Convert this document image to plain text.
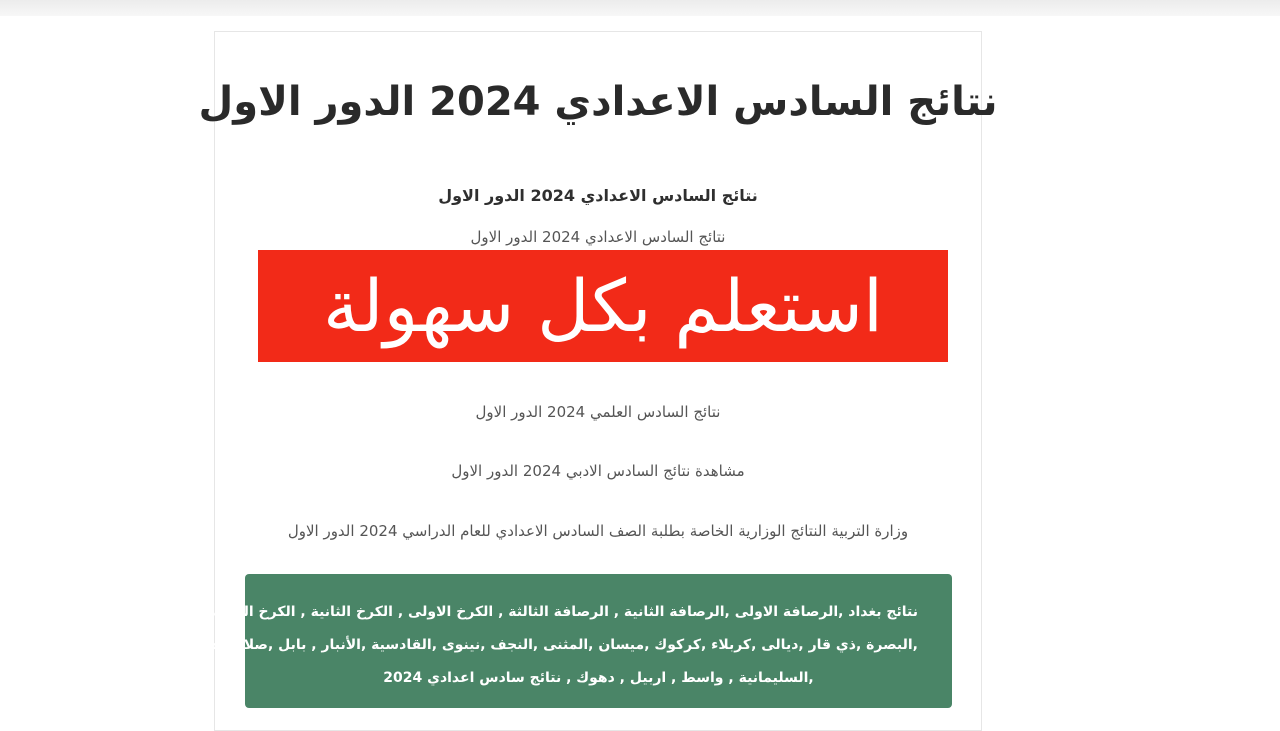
نتائج السادس الاعدادي 2024 الدور الاول

نتائج السادس الاعدادي 2024 الدور الاول

نتائج السادس الاعدادي 2024 الدور الاول

استعلم بكل سهولة

نتائج السادس العلمي 2024 الدور الاول

مشاهدة نتائج السادس الادبي 2024 الدور الاول

وزارة التربية النتائج الوزارية الخاصة بطلبة الصف السادس الاعدادي للعام الدراسي 2024 الدور الاول

نتائج بغداد ,الرصافة الاولى ,الرصافة الثانية , الرصافة الثالثة , الكرخ الاولى , الكرخ الثانية , الكرخ الثالثة
,البصرة ,ذي قار ,ديالى ,كربلاء ,كركوك ,ميسان ,المثنى ,النجف ,نينوى ,القادسية ,الأنبار , بابل ,صلاح الدين
,السليمانية , واسط , اربيل , دهوك , نتائج سادس اعدادي 2024
